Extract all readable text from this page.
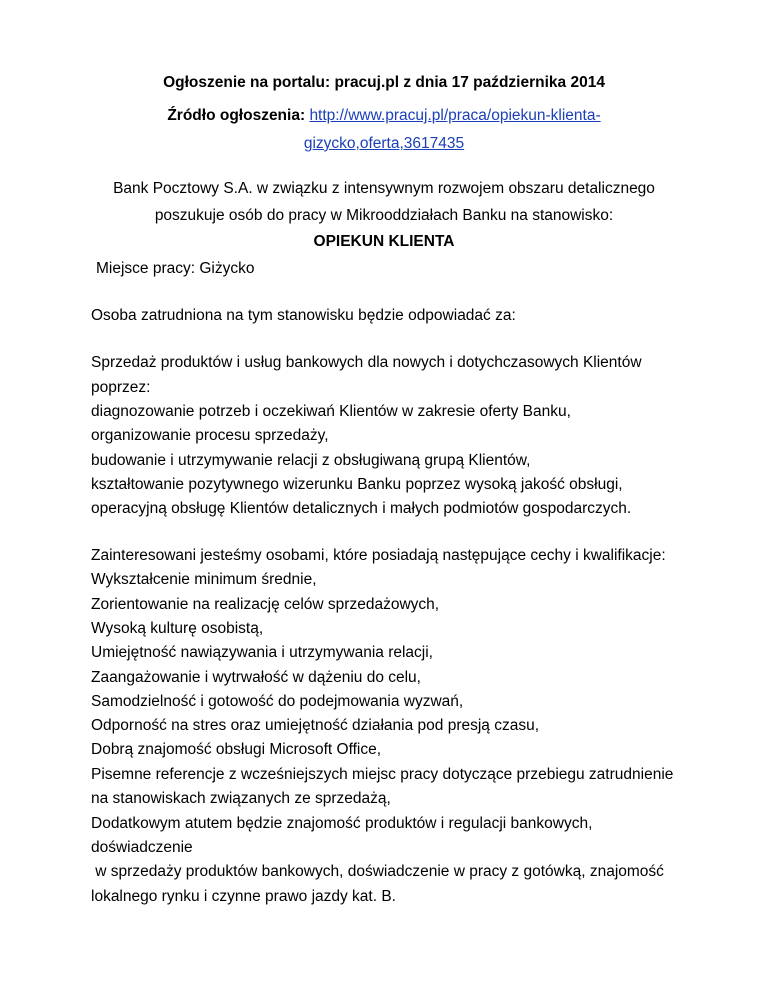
Ogłoszenie na portalu: pracuj.pl z dnia 17 października 2014
Źródło ogłoszenia: http://www.pracuj.pl/praca/opiekun-klienta-
gizycko,oferta,3617435
Bank Pocztowy S.A. w związku z intensywnym rozwojem obszaru detalicznego
poszukuje osób do pracy w Mikrooddziałach Banku na stanowisko:
OPIEKUN KLIENTA
Miejsce pracy: Giżycko
Osoba zatrudniona na tym stanowisku będzie odpowiadać za:
Sprzedaż produktów i usług bankowych dla nowych i dotychczasowych Klientów
poprzez:
diagnozowanie potrzeb i oczekiwań Klientów w zakresie oferty Banku,
organizowanie procesu sprzedaży,
budowanie i utrzymywanie relacji z obsługiwaną grupą Klientów,
kształtowanie pozytywnego wizerunku Banku poprzez wysoką jakość obsługi,
operacyjną obsługę Klientów detalicznych i małych podmiotów gospodarczych.
Zainteresowani jesteśmy osobami, które posiadają następujące cechy i kwalifikacje:
Wykształcenie minimum średnie,
Zorientowanie na realizację celów sprzedażowych,
Wysoką kulturę osobistą,
Umiejętność nawiązywania i utrzymywania relacji,
Zaangażowanie i wytrwałość w dążeniu do celu,
Samodzielność i gotowość do podejmowania wyzwań,
Odporność na stres oraz umiejętność działania pod presją czasu,
Dobrą znajomość obsługi Microsoft Office,
Pisemne referencje z wcześniejszych miejsc pracy dotyczące przebiegu zatrudnienie
na stanowiskach związanych ze sprzedażą,
Dodatkowym atutem będzie znajomość produktów i regulacji bankowych,
doświadczenie
w sprzedaży produktów bankowych, doświadczenie w pracy z gotówką, znajomość
lokalnego rynku i czynne prawo jazdy kat. B.
